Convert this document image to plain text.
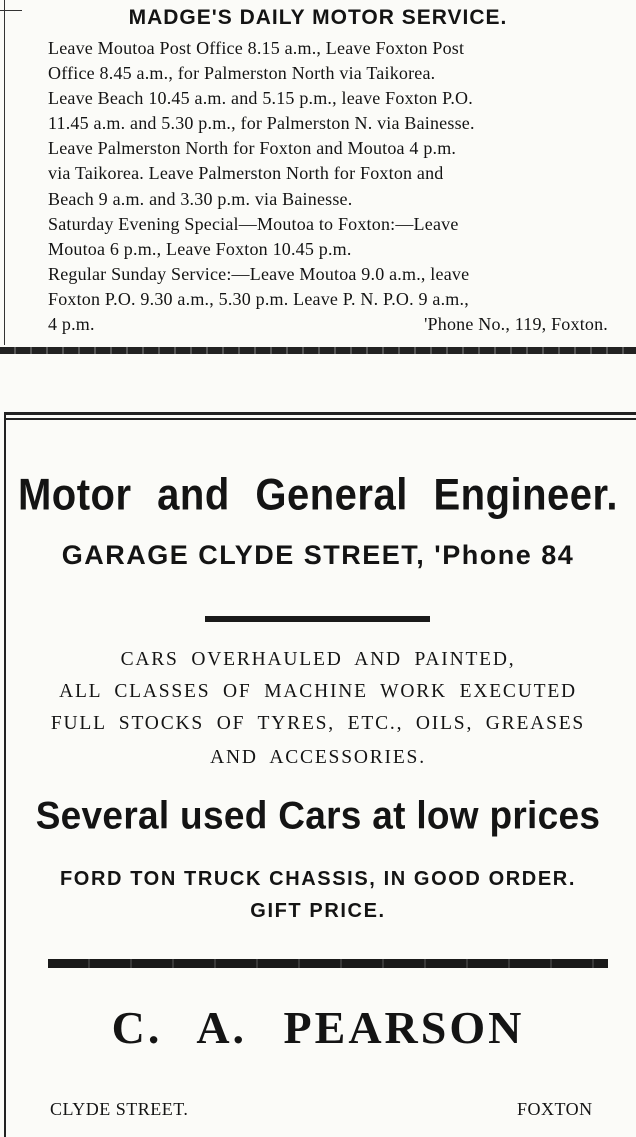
MADGE'S DAILY MOTOR SERVICE.
Leave Moutoa Post Office 8.15 a.m., Leave Foxton Post
Office 8.45 a.m., for Palmerston North via Taikorea.
Leave Beach 10.45 a.m. and 5.15 p.m., leave Foxton P.O.
11.45 a.m. and 5.30 p.m., for Palmerston N. via Bainesse.
Leave Palmerston North for Foxton and Moutoa 4 p.m.
via Taikorea. Leave Palmerston North for Foxton and
Beach 9 a.m. and 3.30 p.m. via Bainesse.
Saturday Evening Special—Moutoa to Foxton:—Leave
Moutoa 6 p.m., Leave Foxton 10.45 p.m.
Regular Sunday Service:—Leave Moutoa 9.0 a.m., leave
Foxton P.O. 9.30 a.m., 5.30 p.m. Leave P. N. P.O. 9 a.m.,
4 p.m.	'Phone No., 119, Foxton.
Motor and General Engineer.
GARAGE CLYDE STREET, 'Phone 84
CARS OVERHAULED AND PAINTED,
ALL CLASSES OF MACHINE WORK EXECUTED
FULL STOCKS OF TYRES, ETC., OILS, GREASES
AND ACCESSORIES.
Several used Cars at low prices
FORD TON TRUCK CHASSIS, IN GOOD ORDER.
GIFT PRICE.
C. A. PEARSON
CLYDE STREET.	FOXTON
